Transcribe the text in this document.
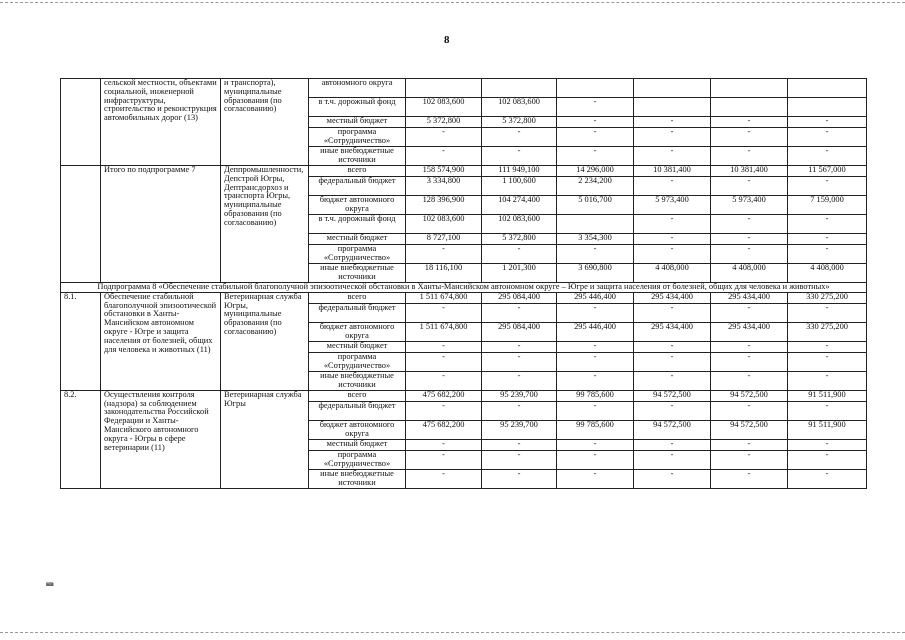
8
	сельской местности, объектами социальной, инженерной инфраструктуры, строительство и реконструкция автомобильных дорог (13)	и транспорта), муниципальные образования (по согласованию)	автономного округа						
			в т.ч. дорожный фонд	102 083,600	102 083,600	-			
			местный бюджет	5 372,800	5 372,800	-	-	-	-
			программа «Сотрудничество»	-	-	-	-	-	-
			иные внебюджетные источники	-	-	-	-	-	-
	Итого по подпрограмме 7	Деппромышленности, Депстрой Югры, Дептрансдорхоз и транспорта Югры, муниципальные образования (по согласованию)	всего	158 574,900	111 949,100	14 296,000	10 381,400	10 381,400	11 567,000
			федеральный бюджет	3 334,800	1 100,600	2 234,200	-	-	-
			бюджет автономного округа	128 396,900	104 274,400	5 016,700	5 973,400	5 973,400	7 159,000
			в т.ч. дорожный фонд	102 083,600	102 083,600		-	-	-
			местный бюджет	8 727,100	5 372,800	3 354,300	-	-	-
			программа «Сотрудничество»	-	-	-	-	-	-
			иные внебюджетные источники	18 116,100	1 201,300	3 690,800	4 408,000	4 408,000	4 408,000
Подпрограмма 8 «Обеспечение стабильной благополучной эпизоотической обстановки в Ханты-Мансийском автономном округе – Югре и защита населения от болезней, общих для человека и животных»									
8.1.	Обеспечение стабильной благополучной эпизоотической обстановки в Ханты-Мансийском автономном округе - Югре и защита населения от болезней, общих для человека и животных (11)	Ветеринарная служба Югры, муниципальные образования (по согласованию)	всего	1 511 674,800	295 084,400	295 446,400	295 434,400	295 434,400	330 275,200
			федеральный бюджет	-	-	-	-	-	-
			бюджет автономного округа	1 511 674,800	295 084,400	295 446,400	295 434,400	295 434,400	330 275,200
			местный бюджет	-	-	-	-	-	-
			программа «Сотрудничество»	-	-	-	-	-	-
			иные внебюджетные источники	-	-	-	-	-	-
8.2.	Осуществления контроля (надзора) за соблюдением законодательства Российской Федерации и Ханты-Мансийского автономного округа - Югры в сфере ветеринарии (11)	Ветеринарная служба Югры	всего	475 682,200	95 239,700	99 785,600	94 572,500	94 572,500	91 511,900
			федеральный бюджет	-	-	-	-	-	-
			бюджет автономного округа	475 682,200	95 239,700	99 785,600	94 572,500	94 572,500	91 511,900
			местный бюджет	-	-	-	-	-	-
			программа «Сотрудничество»	-	-	-	-	-	-
			иные внебюджетные источники	-	-	-	-	-	-
нв
